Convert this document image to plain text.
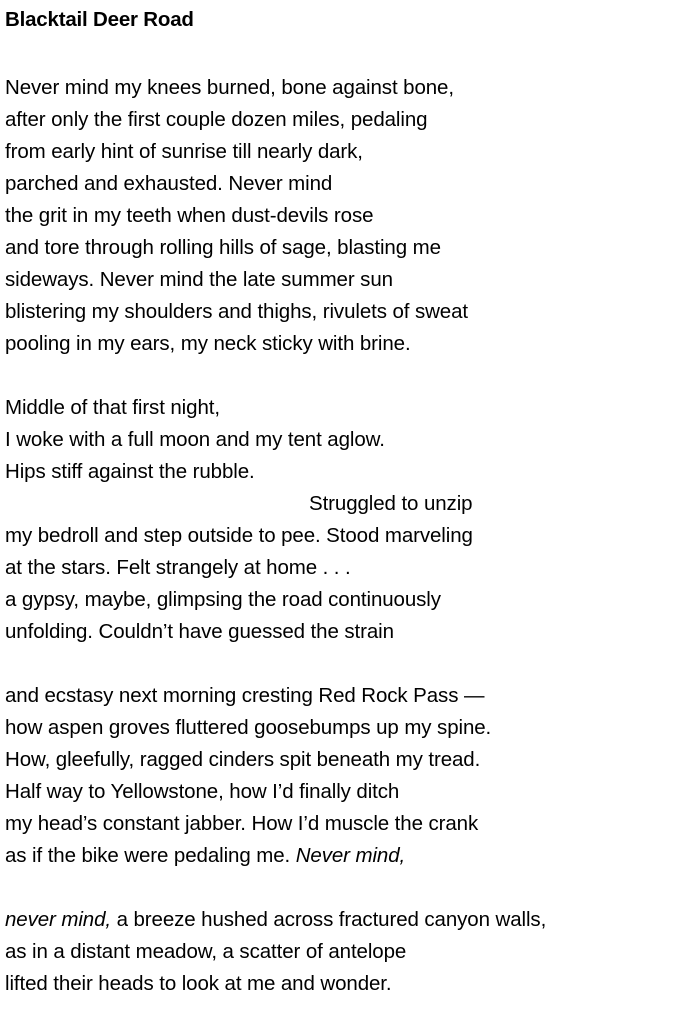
Blacktail Deer Road
Never mind my knees burned, bone against bone,
after only the first couple dozen miles, pedaling
from early hint of sunrise till nearly dark,
parched and exhausted. Never mind
the grit in my teeth when dust-devils rose
and tore through rolling hills of sage, blasting me
sideways. Never mind the late summer sun
blistering my shoulders and thighs, rivulets of sweat
pooling in my ears, my neck sticky with brine.
Middle of that first night,
I woke with a full moon and my tent aglow.
Hips stiff against the rubble.
Struggled to unzip
my bedroll and step outside to pee. Stood marveling
at the stars. Felt strangely at home . . .
a gypsy, maybe, glimpsing the road continuously
unfolding. Couldn’t have guessed the strain
and ecstasy next morning cresting Red Rock Pass —
how aspen groves fluttered goosebumps up my spine.
How, gleefully, ragged cinders spit beneath my tread.
Half way to Yellowstone, how I’d finally ditch
my head’s constant jabber. How I’d muscle the crank
as if the bike were pedaling me. Never mind,
never mind, a breeze hushed across fractured canyon walls,
as in a distant meadow, a scatter of antelope
lifted their heads to look at me and wonder.
